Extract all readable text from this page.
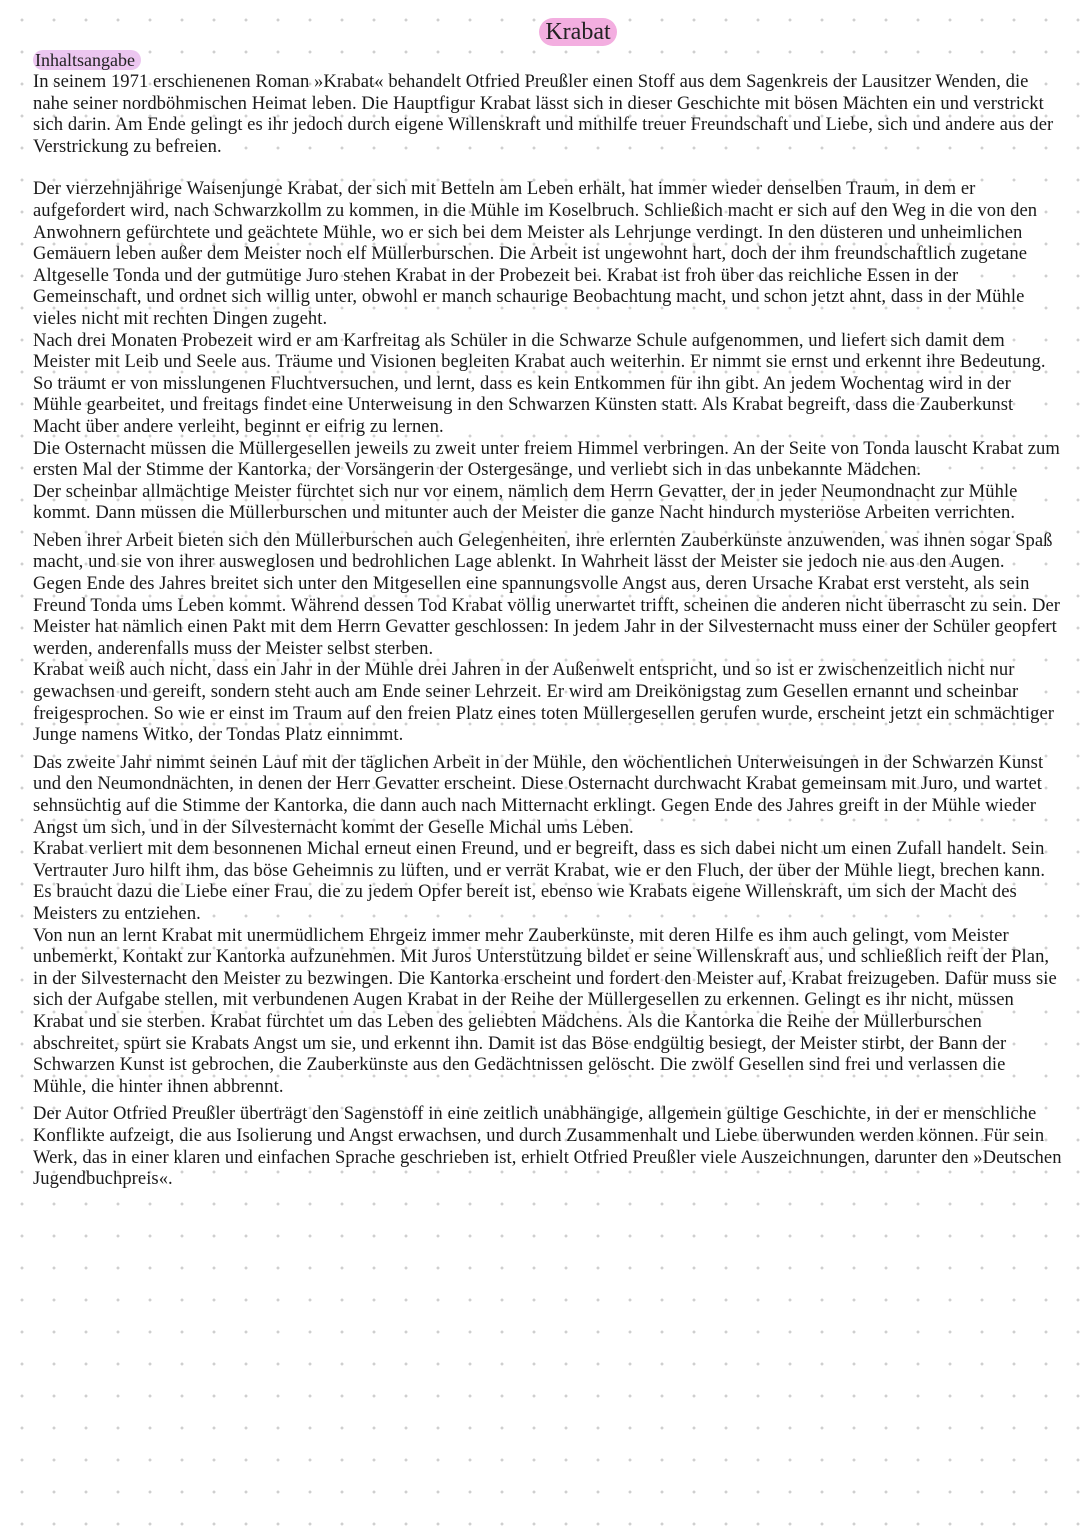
Krabat
Inhaltsangabe

In seinem 1971 erschienenen Roman »Krabat« behandelt Otfried Preußler einen Stoff aus dem Sagenkreis der Lausitzer Wenden, die nahe seiner nordböhmischen Heimat leben. Die Hauptfigur Krabat lässt sich in dieser Geschichte mit bösen Mächten ein und verstrickt sich darin. Am Ende gelingt es ihr jedoch durch eigene Willenskraft und mithilfe treuer Freundschaft und Liebe, sich und andere aus der Verstrickung zu befreien.

Der vierzehnjährige Waisenjunge Krabat, der sich mit Betteln am Leben erhält, hat immer wieder denselben Traum, in dem er aufgefordert wird, nach Schwarzkollm zu kommen, in die Mühle im Koselbruch. Schließich macht er sich auf den Weg in die von den Anwohnern gefürchtete und geächtete Mühle, wo er sich bei dem Meister als Lehrjunge verdingt. In den düsteren und unheimlichen Gemäuern leben außer dem Meister noch elf Müllerburschen. Die Arbeit ist ungewohnt hart, doch der ihm freundschaftlich zugetane Altgeselle Tonda und der gutmütige Juro stehen Krabat in der Probezeit bei. Krabat ist froh über das reichliche Essen in der Gemeinschaft, und ordnet sich willig unter, obwohl er manch schaurige Beobachtung macht, und schon jetzt ahnt, dass in der Mühle vieles nicht mit rechten Dingen zugeht.

Nach drei Monaten Probezeit wird er am Karfreitag als Schüler in die Schwarze Schule aufgenommen, und liefert sich damit dem Meister mit Leib und Seele aus. Träume und Visionen begleiten Krabat auch weiterhin. Er nimmt sie ernst und erkennt ihre Bedeutung. So träumt er von misslungenen Fluchtversuchen, und lernt, dass es kein Entkommen für ihn gibt. An jedem Wochentag wird in der Mühle gearbeitet, und freitags findet eine Unterweisung in den Schwarzen Künsten statt. Als Krabat begreift, dass die Zauberkunst Macht über andere verleiht, beginnt er eifrig zu lernen.

Die Osternacht müssen die Müllergesellen jeweils zu zweit unter freiem Himmel verbringen. An der Seite von Tonda lauscht Krabat zum ersten Mal der Stimme der Kantorka, der Vorsängerin der Ostergesänge, und verliebt sich in das unbekannte Mädchen.

Der scheinbar allmächtige Meister fürchtet sich nur vor einem, nämlich dem Herrn Gevatter, der in jeder Neumondnacht zur Mühle kommt. Dann müssen die Müllerburschen und mitunter auch der Meister die ganze Nacht hindurch mysteriöse Arbeiten verrichten.

Neben ihrer Arbeit bieten sich den Müllerburschen auch Gelegenheiten, ihre erlernten Zauberkünste anzuwenden, was ihnen sogar Spaß macht, und sie von ihrer ausweglosen und bedrohlichen Lage ablenkt. In Wahrheit lässt der Meister sie jedoch nie aus den Augen.

Gegen Ende des Jahres breitet sich unter den Mitgesellen eine spannungsvolle Angst aus, deren Ursache Krabat erst versteht, als sein Freund Tonda ums Leben kommt. Während dessen Tod Krabat völlig unerwartet trifft, scheinen die anderen nicht überrascht zu sein. Der Meister hat nämlich einen Pakt mit dem Herrn Gevatter geschlossen: In jedem Jahr in der Silvesternacht muss einer der Schüler geopfert werden, anderenfalls muss der Meister selbst sterben.

Krabat weiß auch nicht, dass ein Jahr in der Mühle drei Jahren in der Außenwelt entspricht, und so ist er zwischenzeitlich nicht nur gewachsen und gereift, sondern steht auch am Ende seiner Lehrzeit. Er wird am Dreikönigstag zum Gesellen ernannt und scheinbar freigesprochen. So wie er einst im Traum auf den freien Platz eines toten Müllergesellen gerufen wurde, erscheint jetzt ein schmächtiger Junge namens Witko, der Tondas Platz einnimmt.

Das zweite Jahr nimmt seinen Lauf mit der täglichen Arbeit in der Mühle, den wöchentlichen Unterweisungen in der Schwarzen Kunst und den Neumondnächten, in denen der Herr Gevatter erscheint. Diese Osternacht durchwacht Krabat gemeinsam mit Juro, und wartet sehnsüchtig auf die Stimme der Kantorka, die dann auch nach Mitternacht erklingt. Gegen Ende des Jahres greift in der Mühle wieder Angst um sich, und in der Silvesternacht kommt der Geselle Michal ums Leben.

Krabat verliert mit dem besonnenen Michal erneut einen Freund, und er begreift, dass es sich dabei nicht um einen Zufall handelt. Sein Vertrauter Juro hilft ihm, das böse Geheimnis zu lüften, und er verrät Krabat, wie er den Fluch, der über der Mühle liegt, brechen kann. Es braucht dazu die Liebe einer Frau, die zu jedem Opfer bereit ist, ebenso wie Krabats eigene Willenskraft, um sich der Macht des Meisters zu entziehen.

Von nun an lernt Krabat mit unermüdlichem Ehrgeiz immer mehr Zauberkünste, mit deren Hilfe es ihm auch gelingt, vom Meister unbemerkt, Kontakt zur Kantorka aufzunehmen. Mit Juros Unterstützung bildet er seine Willenskraft aus, und schließlich reift der Plan, in der Silvesternacht den Meister zu bezwingen. Die Kantorka erscheint und fordert den Meister auf, Krabat freizugeben. Dafür muss sie sich der Aufgabe stellen, mit verbundenen Augen Krabat in der Reihe der Müllergesellen zu erkennen. Gelingt es ihr nicht, müssen Krabat und sie sterben. Krabat fürchtet um das Leben des geliebten Mädchens. Als die Kantorka die Reihe der Müllerburschen abschreitet, spürt sie Krabats Angst um sie, und erkennt ihn. Damit ist das Böse endgültig besiegt, der Meister stirbt, der Bann der Schwarzen Kunst ist gebrochen, die Zauberkünste aus den Gedächtnissen gelöscht. Die zwölf Gesellen sind frei und verlassen die Mühle, die hinter ihnen abbrennt.

Der Autor Otfried Preußler überträgt den Sagenstoff in eine zeitlich unabhängige, allgemein gültige Geschichte, in der er menschliche Konflikte aufzeigt, die aus Isolierung und Angst erwachsen, und durch Zusammenhalt und Liebe überwunden werden können. Für sein Werk, das in einer klaren und einfachen Sprache geschrieben ist, erhielt Otfried Preußler viele Auszeichnungen, darunter den »Deutschen Jugendbuchpreis«.
